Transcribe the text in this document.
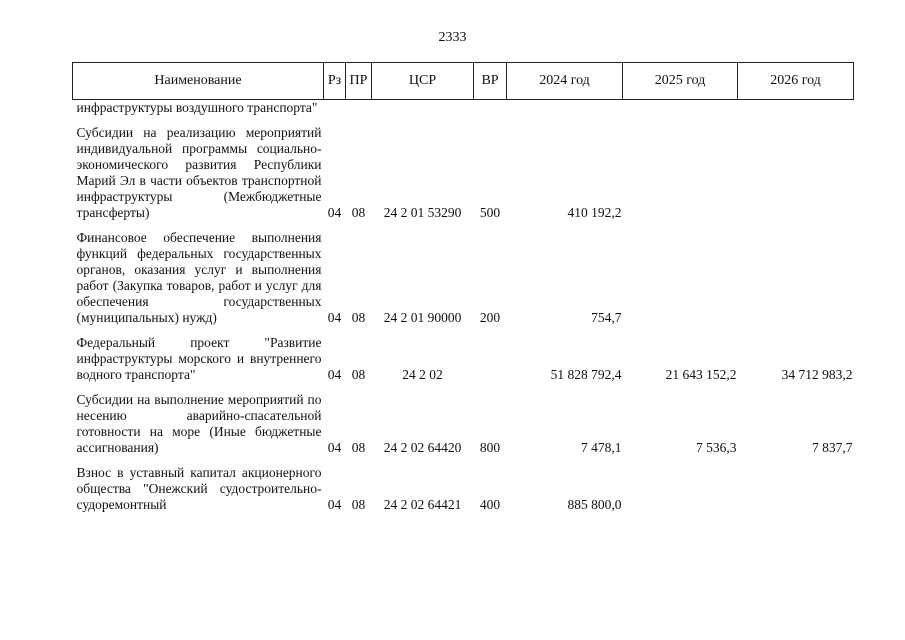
2333
Наименование	Рз	ПР	ЦСР	ВР	2024 год	2025 год	2026 год
инфраструктуры воздушного транспорта"							

Субсидии на реализацию мероприятий индивидуальной программы социально-экономического развития Республики Марий Эл в части объектов транспортной инфраструктуры (Межбюджетные трансферты)	04	08	24 2 01 53290	500	410 192,2		

Финансовое обеспечение выполнения функций федеральных государственных органов, оказания услуг и выполнения работ (Закупка товаров, работ и услуг для обеспечения государственных (муниципальных) нужд)	04	08	24 2 01 90000	200	754,7		

Федеральный проект "Развитие инфраструктуры морского и внутреннего водного транспорта"	04	08	24 2 02		51 828 792,4	21 643 152,2	34 712 983,2

Субсидии на выполнение мероприятий по несению аварийно-спасательной готовности на море (Иные бюджетные ассигнования)	04	08	24 2 02 64420	800	7 478,1	7 536,3	7 837,7

Взнос в уставный капитал акционерного общества "Онежский судостроительно-судоремонтный	04	08	24 2 02 64421	400	885 800,0		
